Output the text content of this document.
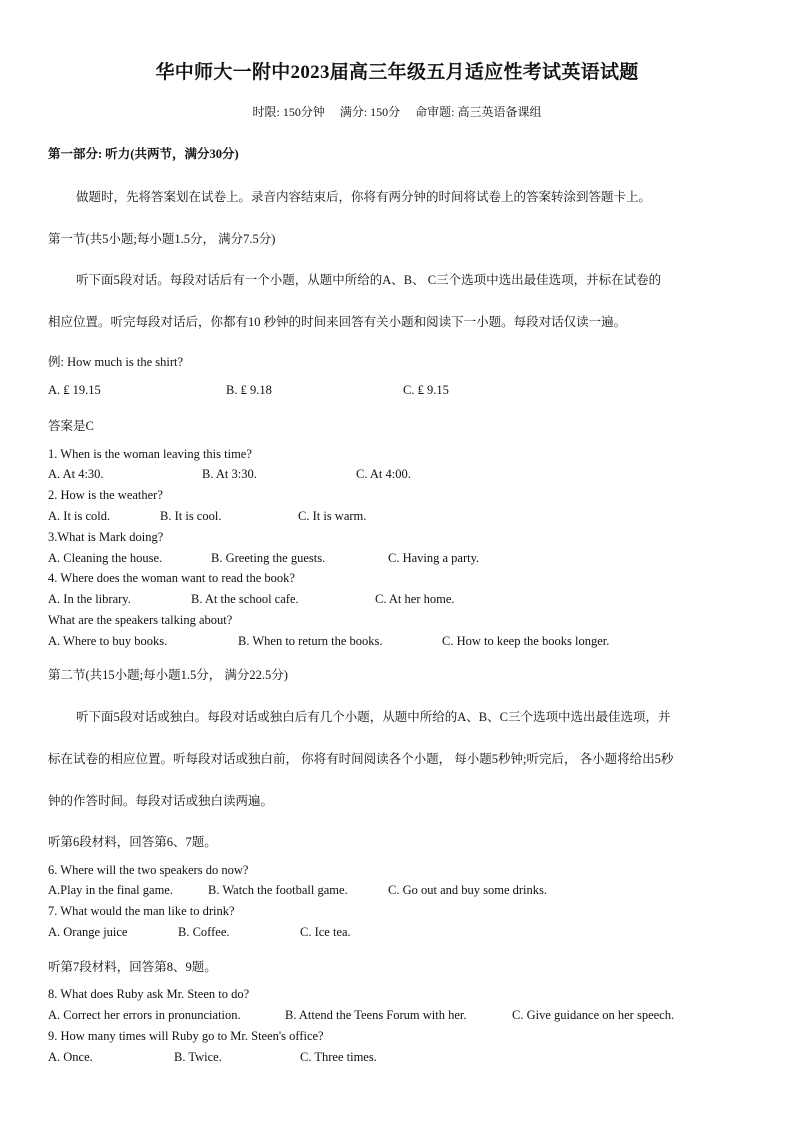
华中师大一附中2023届高三年级五月适应性考试英语试题
时限: 150分钟 满分: 150分 命审题: 高三英语备课组
第一部分: 听力(共两节，满分30分)
做题时，先将答案划在试卷上。录音内容结束后，你将有两分钟的时间将试卷上的答案转涂到答题卡上。
第一节(共5小题;每小题1.5分， 满分7.5分)
听下面5段对话。每段对话后有一个小题，从题中所给的A、B、 C三个选项中选出最佳选项，并标在试卷的
相应位置。听完每段对话后，你都有10 秒钟的时间来回答有关小题和阅读下一小题。每段对话仅读一遍。
例: How much is the shirt?
A. ₤ 19.15	B. ₤ 9.18	C. ₤ 9.15
答案是C
1. When is the woman leaving this time?
A. At 4:30.	B. At 3:30.	C. At 4:00.
2. How is the weather?
A. It is cold.	B. It is cool.	C. It is warm.
3.What is Mark doing?
A. Cleaning the house.	B. Greeting the guests.	C. Having a party.
4. Where does the woman want to read the book?
A. In the library.	B. At the school cafe.	C. At her home.
What are the speakers talking about?
A. Where to buy books.	B. When to return the books.	C. How to keep the books longer.
第二节(共15小题;每小题1.5分， 满分22.5分)
听下面5段对话或独白。每段对话或独白后有几个小题，从题中所给的A、B、C三个选项中选出最佳选项，并
标在试卷的相应位置。听每段对话或独白前， 你将有时间阅读各个小题， 每小题5秒钟;听完后， 各小题将给出5秒
钟的作答时间。每段对话或独白读两遍。
听第6段材料，回答第6、7题。
6. Where will the two speakers do now?
A.Play in the final game.	B. Watch the football game.	C. Go out and buy some drinks.
7. What would the man like to drink?
A. Orange juice	B. Coffee.	C. Ice tea.
听第7段材料，回答第8、9题。
8. What does Ruby ask Mr. Steen to do?
A. Correct her errors in pronunciation.	B. Attend the Teens Forum with her.	C. Give guidance on her speech.
9. How many times will Ruby go to Mr. Steen's office?
A. Once.	B. Twice.	C. Three times.
